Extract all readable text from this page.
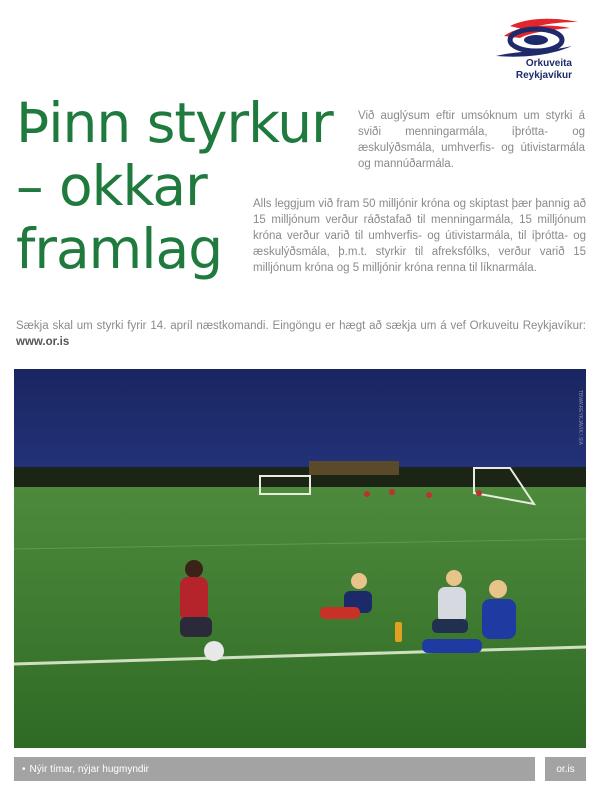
Orkuveita
Reykjavíkur
Þinn styrkur
– okkar
framlag
Við auglýsum eftir umsóknum um styrki á sviði menningarmála, íþrótta- og æskulýðsmála, umhverfis- og útivistarmála og mannúðarmála.
Alls leggjum við fram 50 milljónir króna og skiptast þær þannig að 15 milljónum verður ráðstafað til menningarmála, 15 milljónum króna verður varið til umhverfis- og útivistarmála, til íþrótta- og æskulýðsmála, þ.m.t. styrkir til afreksfólks, verður varið 15 milljónum króna og 5 milljónir króna renna til líknarmála.
Sækja skal um styrki fyrir 14. apríl næstkomandi. Eingöngu er hægt að sækja um á vef Orkuveitu Reykjavíkur: www.or.is
TBWA\REYKJAVÍK \ SÍA
• Nýir tímar, nýjar hugmyndir	or.is
